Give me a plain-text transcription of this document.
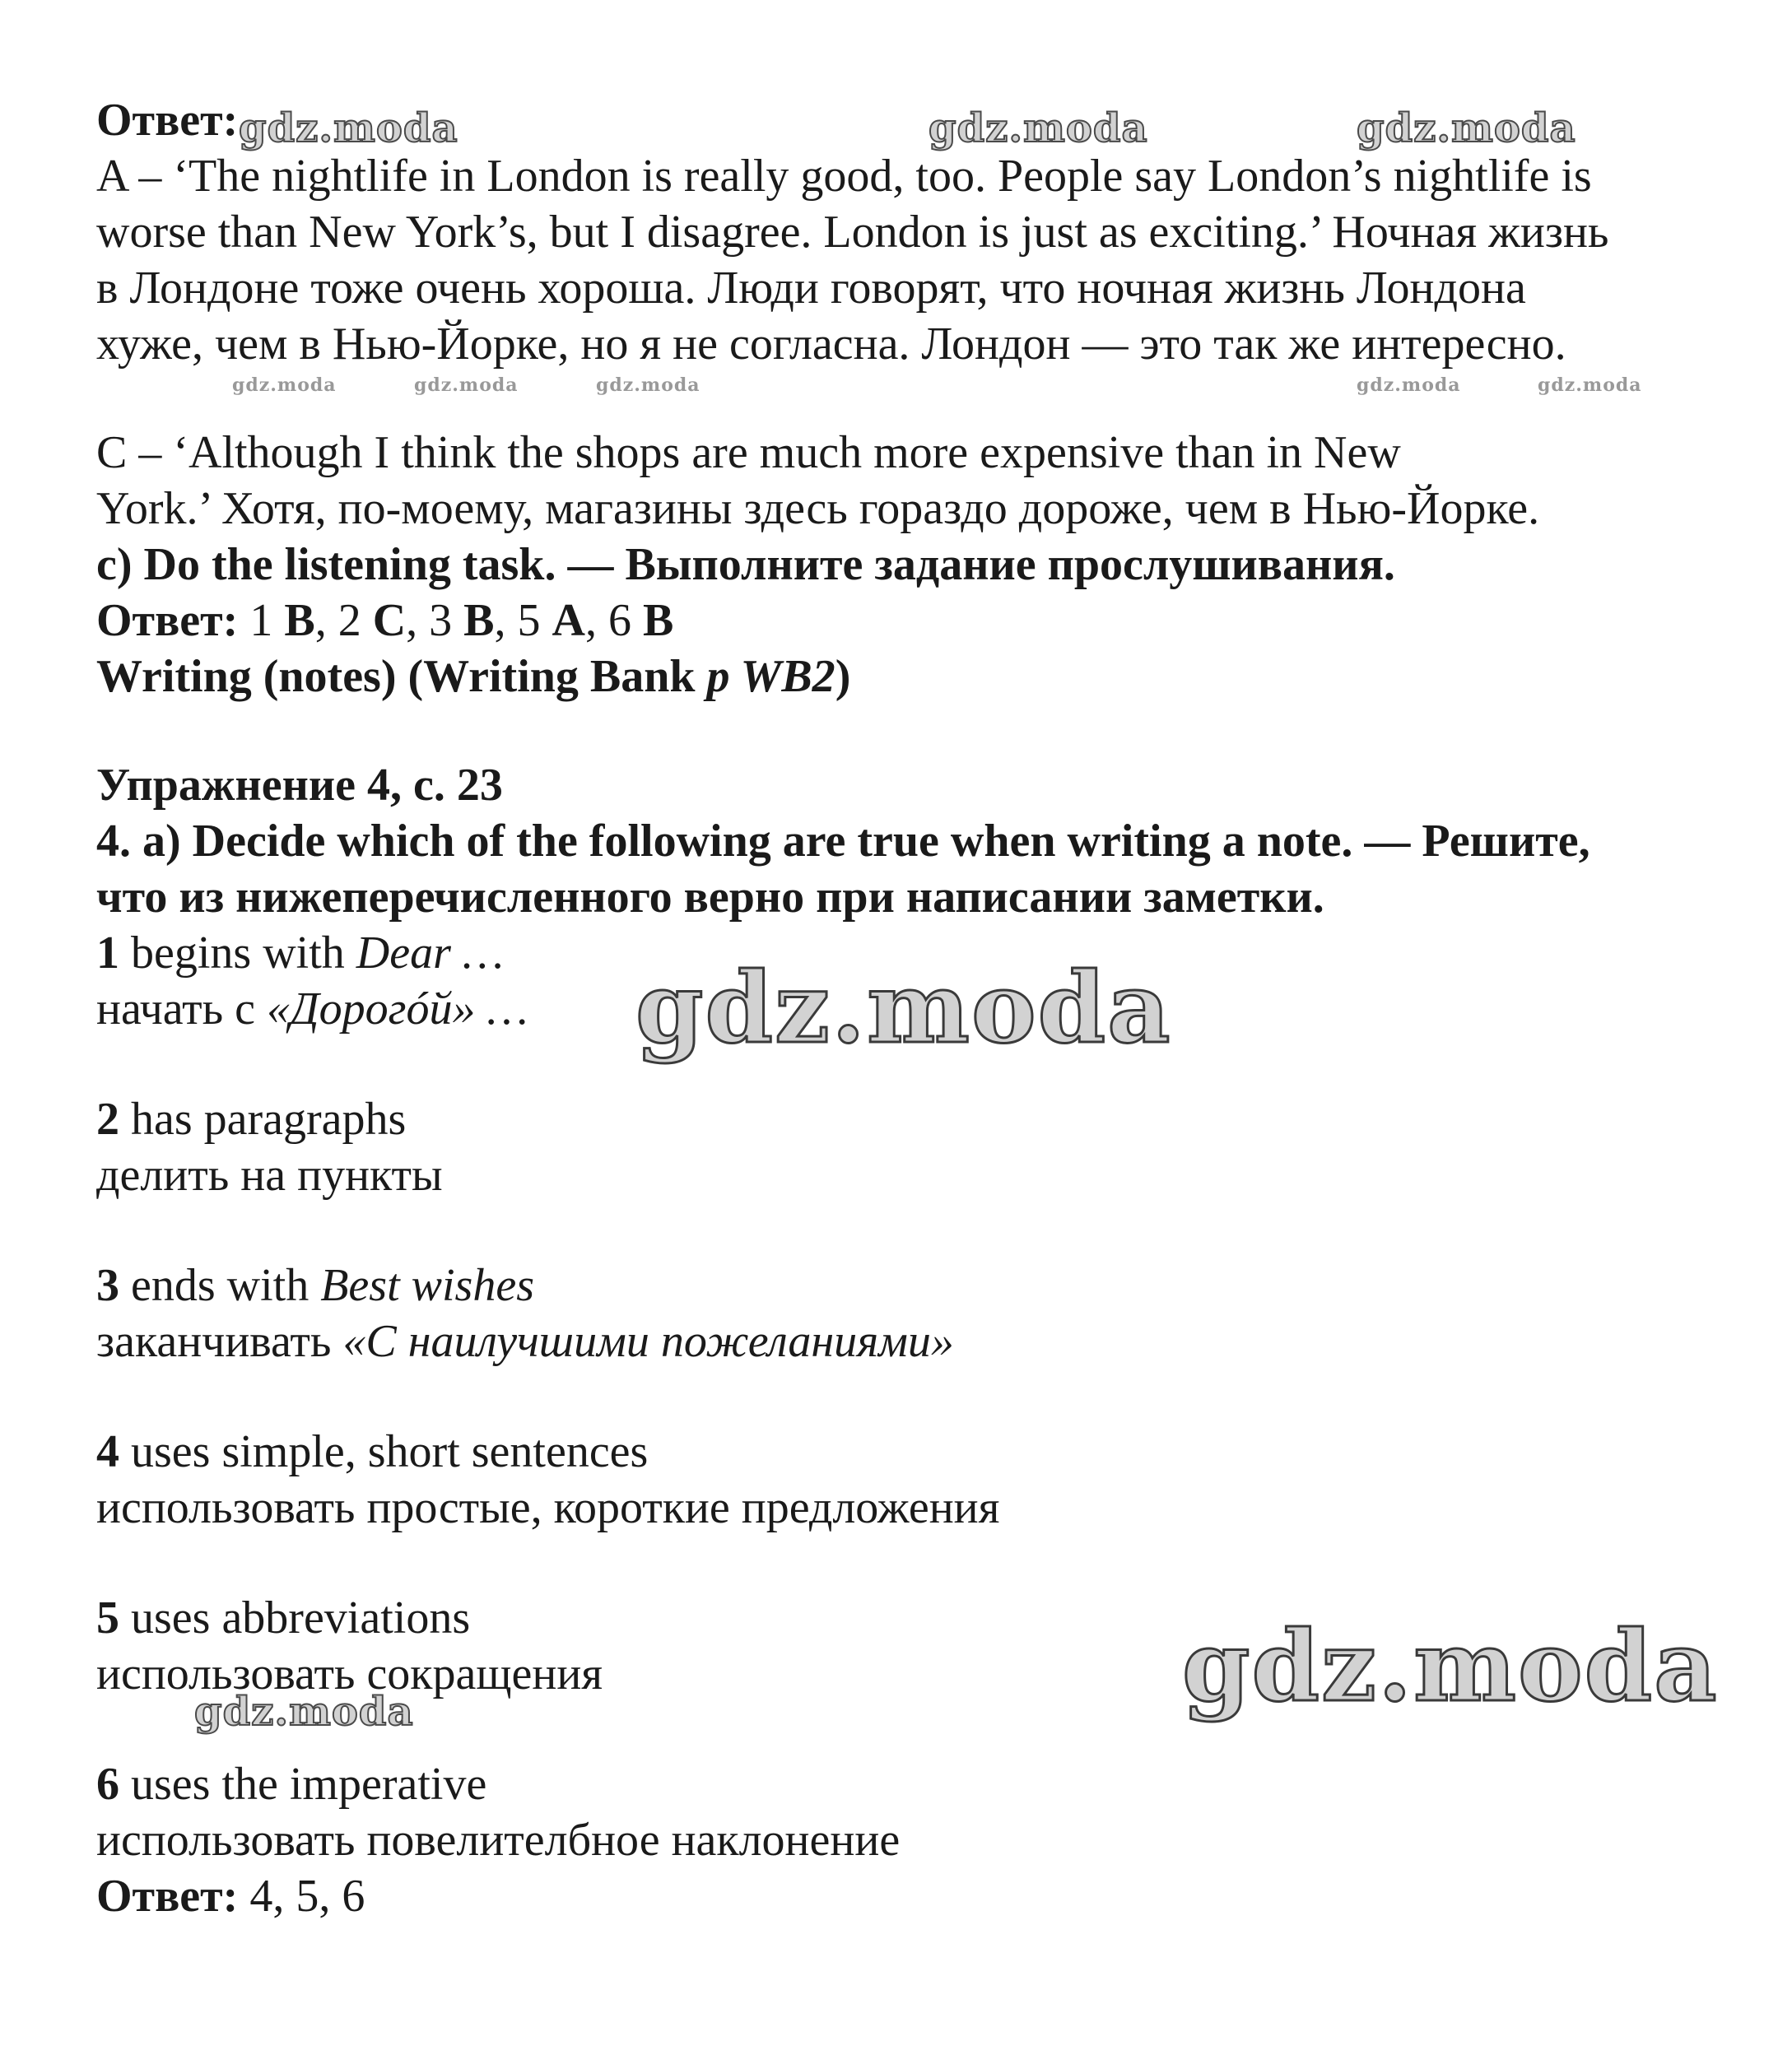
gdz.moda	gdz.moda	gdz.moda
gdz.moda	gdz.moda	gdz.moda	gdz.moda	gdz.moda
gdz.moda
gdz.moda
gdz.moda
Ответ:
A – ‘The nightlife in London is really good, too. People say London’s nightlife is
worse than New York’s, but I disagree. London is just as exciting.’ Ночная жизнь
в Лондоне тоже очень хороша. Люди говорят, что ночная жизнь Лондона
хуже, чем в Нью-Йорке, но я не согласна. Лондон — это так же интересно.
C – ‘Although I think the shops are much more expensive than in New
York.’ Хотя, по-моему, магазины здесь гораздо дороже, чем в Нью-Йорке.
c) Do the listening task. — Выполните задание прослушивания.
Ответ: 1 B, 2 C, 3 B, 5 A, 6 B
Writing (notes) (Writing Bank p WB2)
Упражнение 4, с. 23
4. a) Decide which of the following are true when writing a note. — Решите,
что из нижеперечисленного верно при написании заметки.
1 begins with Dear …
начать с «Дорогóй» …
2 has paragraphs
делить на пункты
3 ends with Best wishes
заканчивать «С наилучшими пожеланиями»
4 uses simple, short sentences
использовать простые, короткие предложения
5 uses abbreviations
использовать сокращения
6 uses the imperative
использовать повелителбное наклонение
Ответ: 4, 5, 6
